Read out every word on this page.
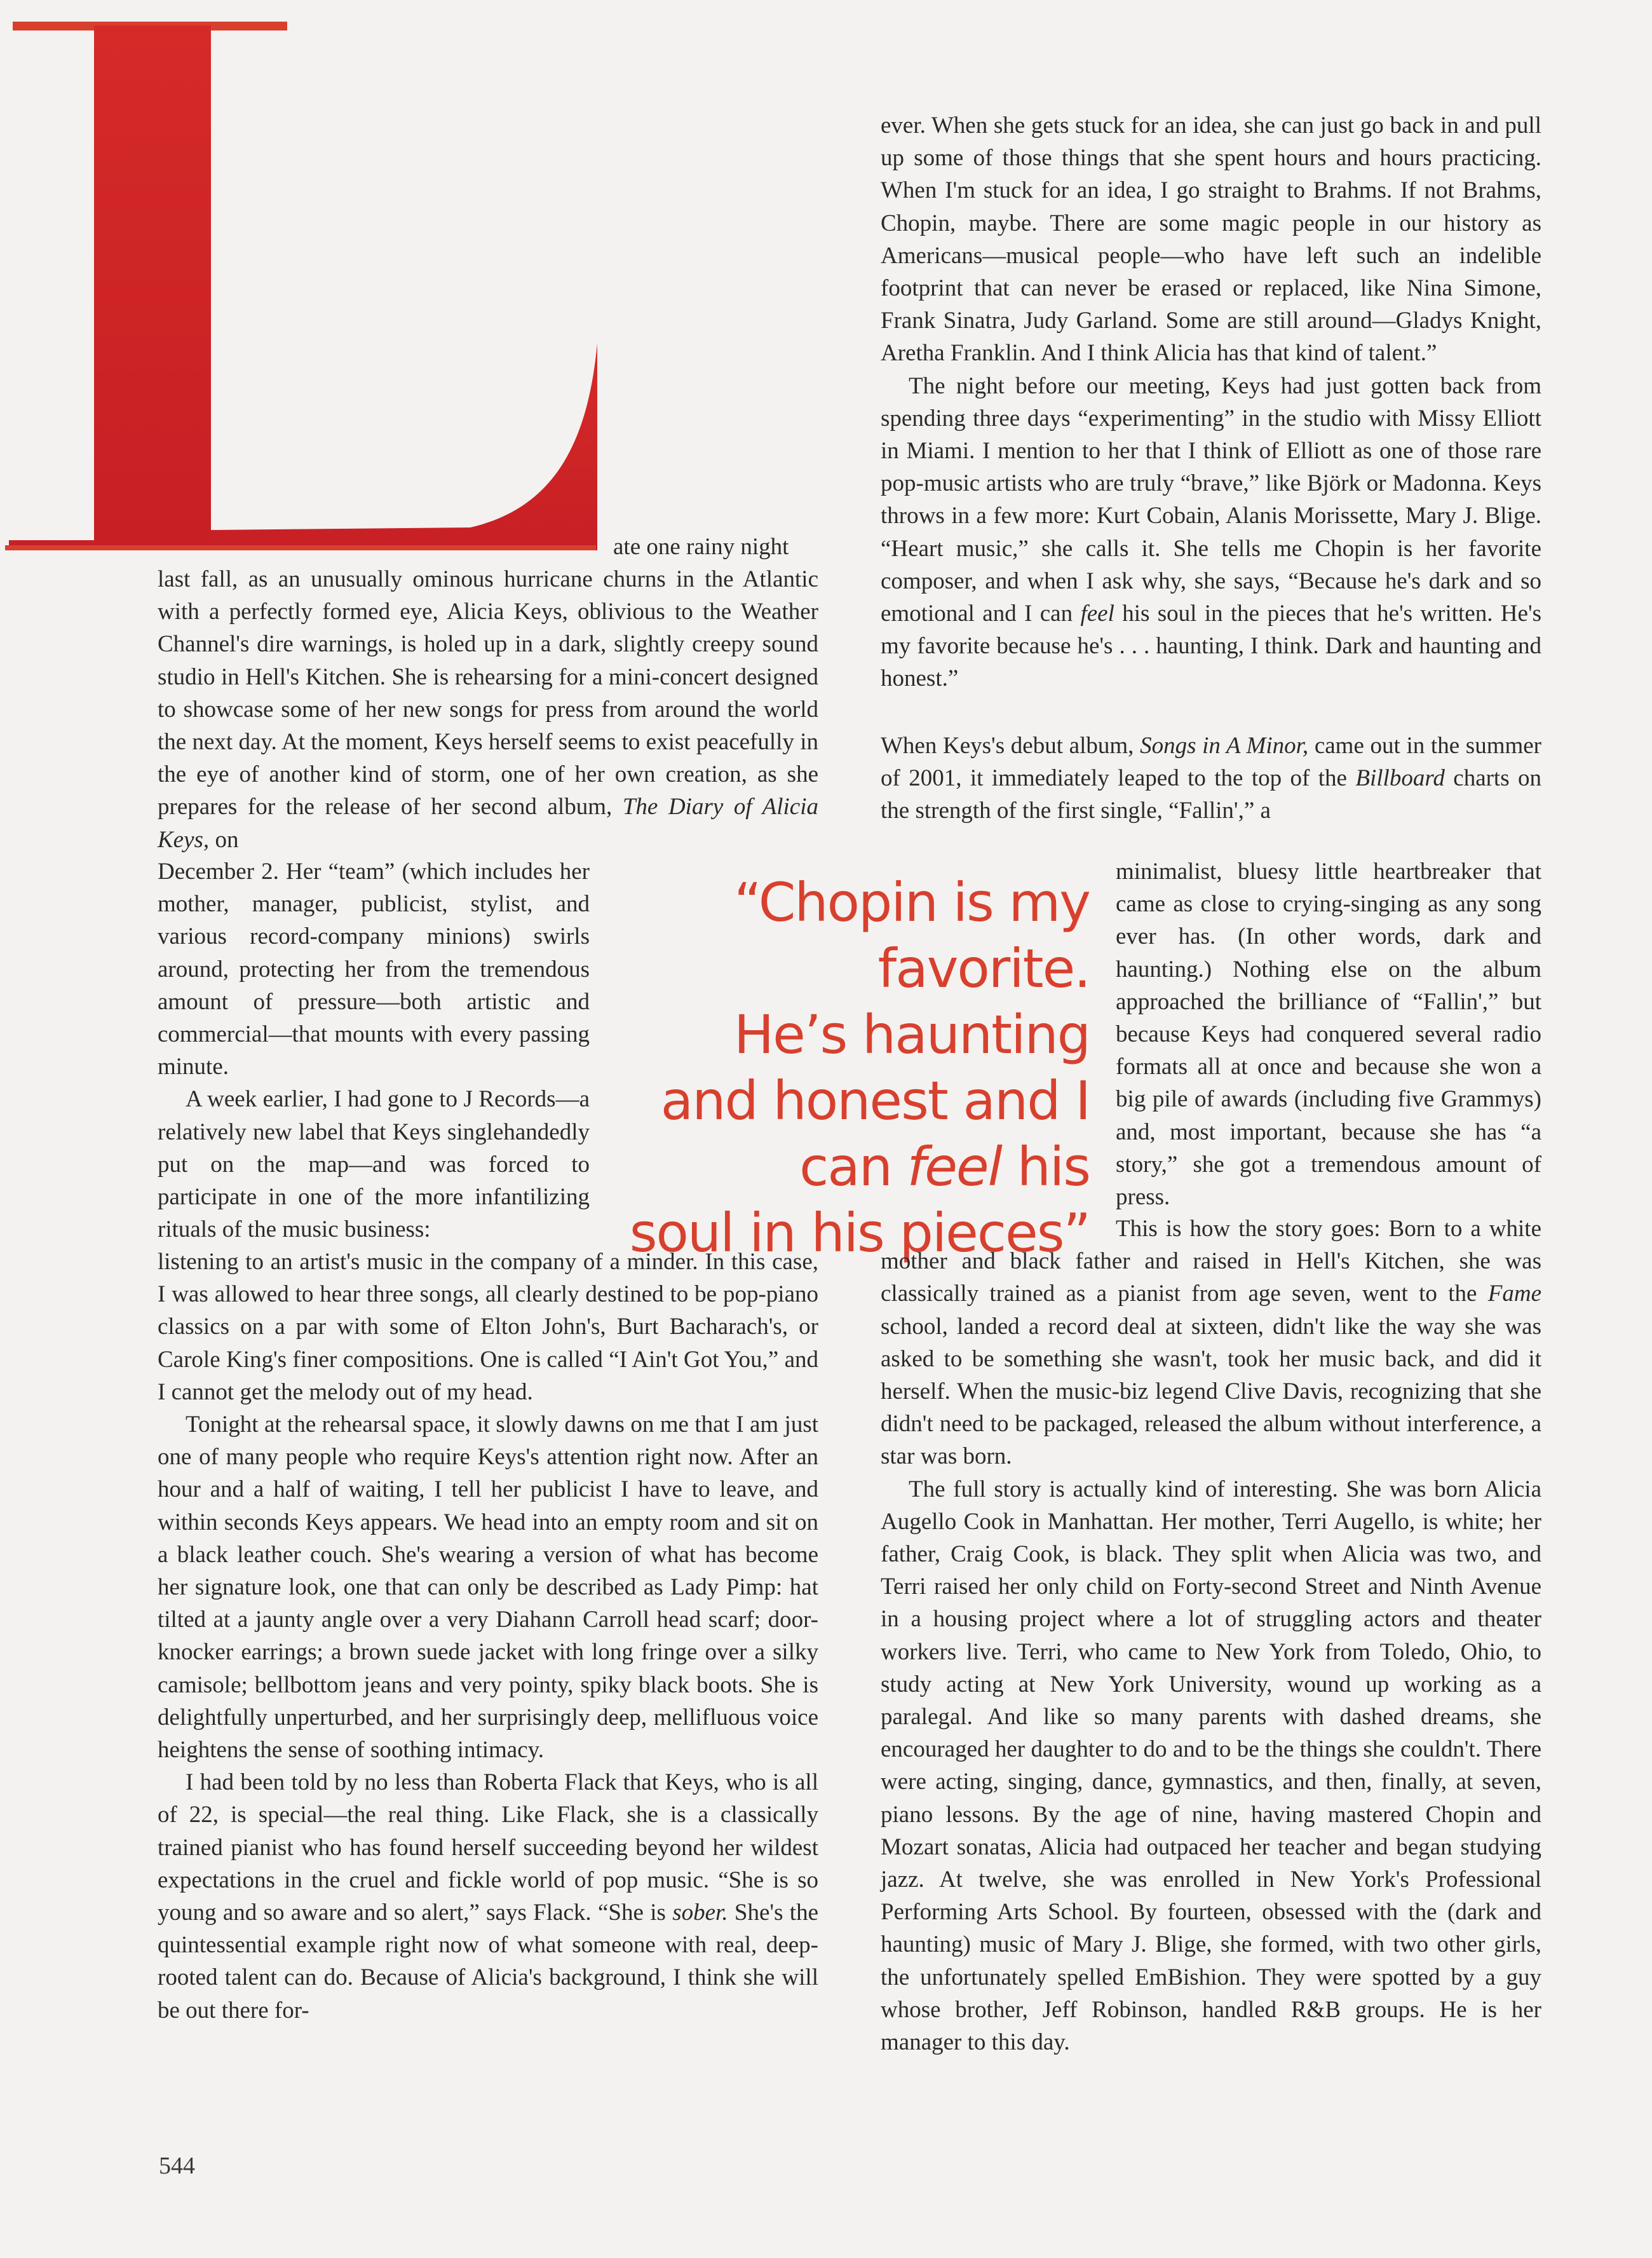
ate one rainy night

last fall, as an unusually ominous hurricane churns in the Atlantic with a perfectly formed eye, Alicia Keys, oblivious to the Weather Channel's dire warnings, is holed up in a dark, slightly creepy sound studio in Hell's Kitchen. She is rehearsing for a mini-concert designed to showcase some of her new songs for press from around the world the next day. At the moment, Keys herself seems to exist peacefully in the eye of another kind of storm, one of her own creation, as she prepares for the release of her second album, The Diary of Alicia Keys, on

December 2. Her “team” (which includes her mother, manager, publicist, stylist, and various record-company minions) swirls around, protecting her from the tremendous amount of pressure—both artistic and commercial—that mounts with every passing minute.

A week earlier, I had gone to J Records—a relatively new label that Keys singlehandedly put on the map—and was forced to participate in one of the more infantilizing rituals of the music business:

“Chopin is my favorite.
He’s haunting
and honest and I
can feel his
soul in his pieces”

listening to an artist's music in the company of a minder. In this case, I was allowed to hear three songs, all clearly destined to be pop-piano classics on a par with some of Elton John's, Burt Bacharach's, or Carole King's finer compositions. One is called “I Ain't Got You,” and I cannot get the melody out of my head.

Tonight at the rehearsal space, it slowly dawns on me that I am just one of many people who require Keys's attention right now. After an hour and a half of waiting, I tell her publicist I have to leave, and within seconds Keys appears. We head into an empty room and sit on a black leather couch. She's wearing a version of what has become her signature look, one that can only be described as Lady Pimp: hat tilted at a jaunty angle over a very Diahann Carroll head scarf; door-knocker earrings; a brown suede jacket with long fringe over a silky camisole; bellbottom jeans and very pointy, spiky black boots. She is delightfully unperturbed, and her surprisingly deep, mellifluous voice heightens the sense of soothing intimacy.

I had been told by no less than Roberta Flack that Keys, who is all of 22, is special—the real thing. Like Flack, she is a classically trained pianist who has found herself succeeding beyond her wildest expectations in the cruel and fickle world of pop music. “She is so young and so aware and so alert,” says Flack. “She is sober. She's the quintessential example right now of what someone with real, deep-rooted talent can do. Because of Alicia's background, I think she will be out there for-

ever. When she gets stuck for an idea, she can just go back in and pull up some of those things that she spent hours and hours practicing. When I'm stuck for an idea, I go straight to Brahms. If not Brahms, Chopin, maybe. There are some magic people in our history as Americans—musical people—who have left such an indelible footprint that can never be erased or replaced, like Nina Simone, Frank Sinatra, Judy Garland. Some are still around—Gladys Knight, Aretha Franklin. And I think Alicia has that kind of talent.”

The night before our meeting, Keys had just gotten back from spending three days “experimenting” in the studio with Missy Elliott in Miami. I mention to her that I think of Elliott as one of those rare pop-music artists who are truly “brave,” like Björk or Madonna. Keys throws in a few more: Kurt Cobain, Alanis Morissette, Mary J. Blige. “Heart music,” she calls it. She tells me Chopin is her favorite composer, and when I ask why, she says, “Because he's dark and so emotional and I can feel his soul in the pieces that he's written. He's my favorite because he's . . . haunting, I think. Dark and haunting and honest.”

When Keys's debut album, Songs in A Minor, came out in the summer of 2001, it immediately leaped to the top of the Billboard charts on the strength of the first single, “Fallin',” a

minimalist, bluesy little heartbreaker that came as close to crying-singing as any song ever has. (In other words, dark and haunting.) Nothing else on the album approached the brilliance of “Fallin',” but because Keys had conquered several radio formats all at once and because she won a big pile of awards (including five Grammys) and, most important, because she has “a story,” she got a tremendous amount of press.

This is how the story goes: Born to a white mother and black father and raised in Hell's Kitchen, she was classically trained as a pianist from age seven, went to the Fame school, landed a record deal at sixteen, didn't like the way she was asked to be something she wasn't, took her music back, and did it herself. When the music-biz legend Clive Davis, recognizing that she didn't need to be packaged, released the album without interference, a star was born.

The full story is actually kind of interesting. She was born Alicia Augello Cook in Manhattan. Her mother, Terri Augello, is white; her father, Craig Cook, is black. They split when Alicia was two, and Terri raised her only child on Forty-second Street and Ninth Avenue in a housing project where a lot of struggling actors and theater workers live. Terri, who came to New York from Toledo, Ohio, to study acting at New York University, wound up working as a paralegal. And like so many parents with dashed dreams, she encouraged her daughter to do and to be the things she couldn't. There were acting, singing, dance, gymnastics, and then, finally, at seven, piano lessons. By the age of nine, having mastered Chopin and Mozart sonatas, Alicia had outpaced her teacher and began studying jazz. At twelve, she was enrolled in New York's Professional Performing Arts School. By fourteen, obsessed with the (dark and haunting) music of Mary J. Blige, she formed, with two other girls, the unfortunately spelled EmBishion. They were spotted by a guy whose brother, Jeff Robinson, handled R&B groups. He is her manager to this day.

544
